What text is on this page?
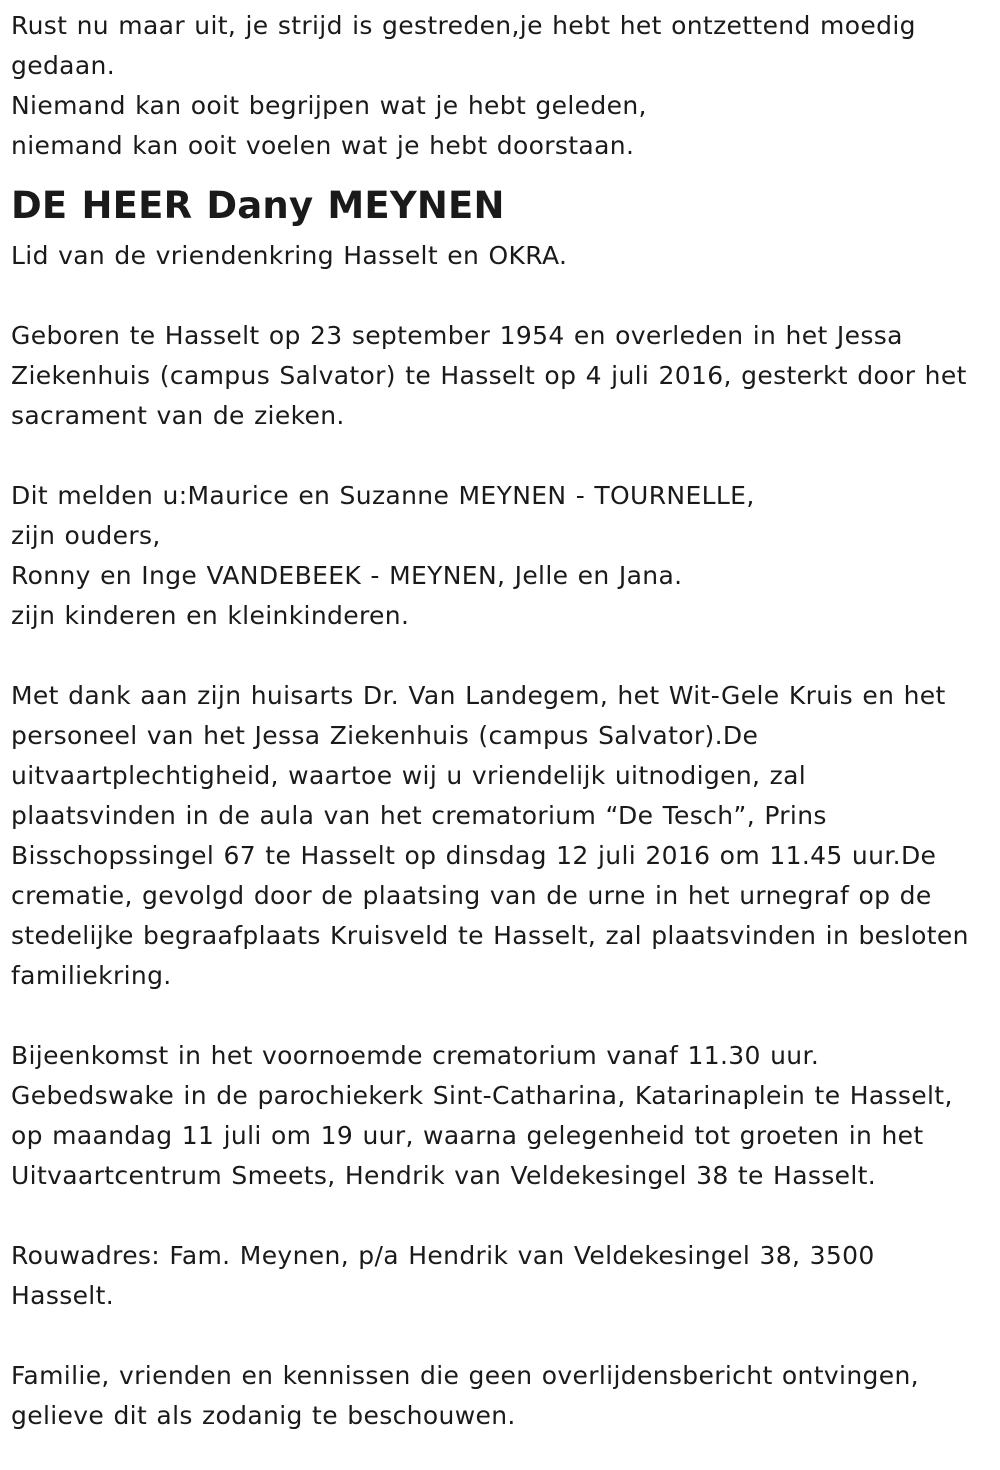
Rust nu maar uit, je strijd is gestreden,je hebt het ontzettend moedig
gedaan.
Niemand kan ooit begrijpen wat je hebt geleden,
niemand kan ooit voelen wat je hebt doorstaan.

DE HEER Dany MEYNEN

Lid van de vriendenkring Hasselt en OKRA.

Geboren te Hasselt op 23 september 1954 en overleden in het Jessa
Ziekenhuis (campus Salvator) te Hasselt op 4 juli 2016, gesterkt door het
sacrament van de zieken.

Dit melden u:Maurice en Suzanne MEYNEN - TOURNELLE,
zijn ouders,
Ronny en Inge VANDEBEEK - MEYNEN, Jelle en Jana.
zijn kinderen en kleinkinderen.

Met dank aan zijn huisarts Dr. Van Landegem, het Wit-Gele Kruis en het
personeel van het Jessa Ziekenhuis (campus Salvator).De
uitvaartplechtigheid, waartoe wij u vriendelijk uitnodigen, zal
plaatsvinden in de aula van het crematorium “De Tesch”, Prins
Bisschopssingel 67 te Hasselt op dinsdag 12 juli 2016 om 11.45 uur.De
crematie, gevolgd door de plaatsing van de urne in het urnegraf op de
stedelijke begraafplaats Kruisveld te Hasselt, zal plaatsvinden in besloten
familiekring.

Bijeenkomst in het voornoemde crematorium vanaf 11.30 uur.
Gebedswake in de parochiekerk Sint-Catharina, Katarinaplein te Hasselt,
op maandag 11 juli om 19 uur, waarna gelegenheid tot groeten in het
Uitvaartcentrum Smeets, Hendrik van Veldekesingel 38 te Hasselt.

Rouwadres: Fam. Meynen, p/a Hendrik van Veldekesingel 38, 3500
Hasselt.

Familie, vrienden en kennissen die geen overlijdensbericht ontvingen,
gelieve dit als zodanig te beschouwen.
